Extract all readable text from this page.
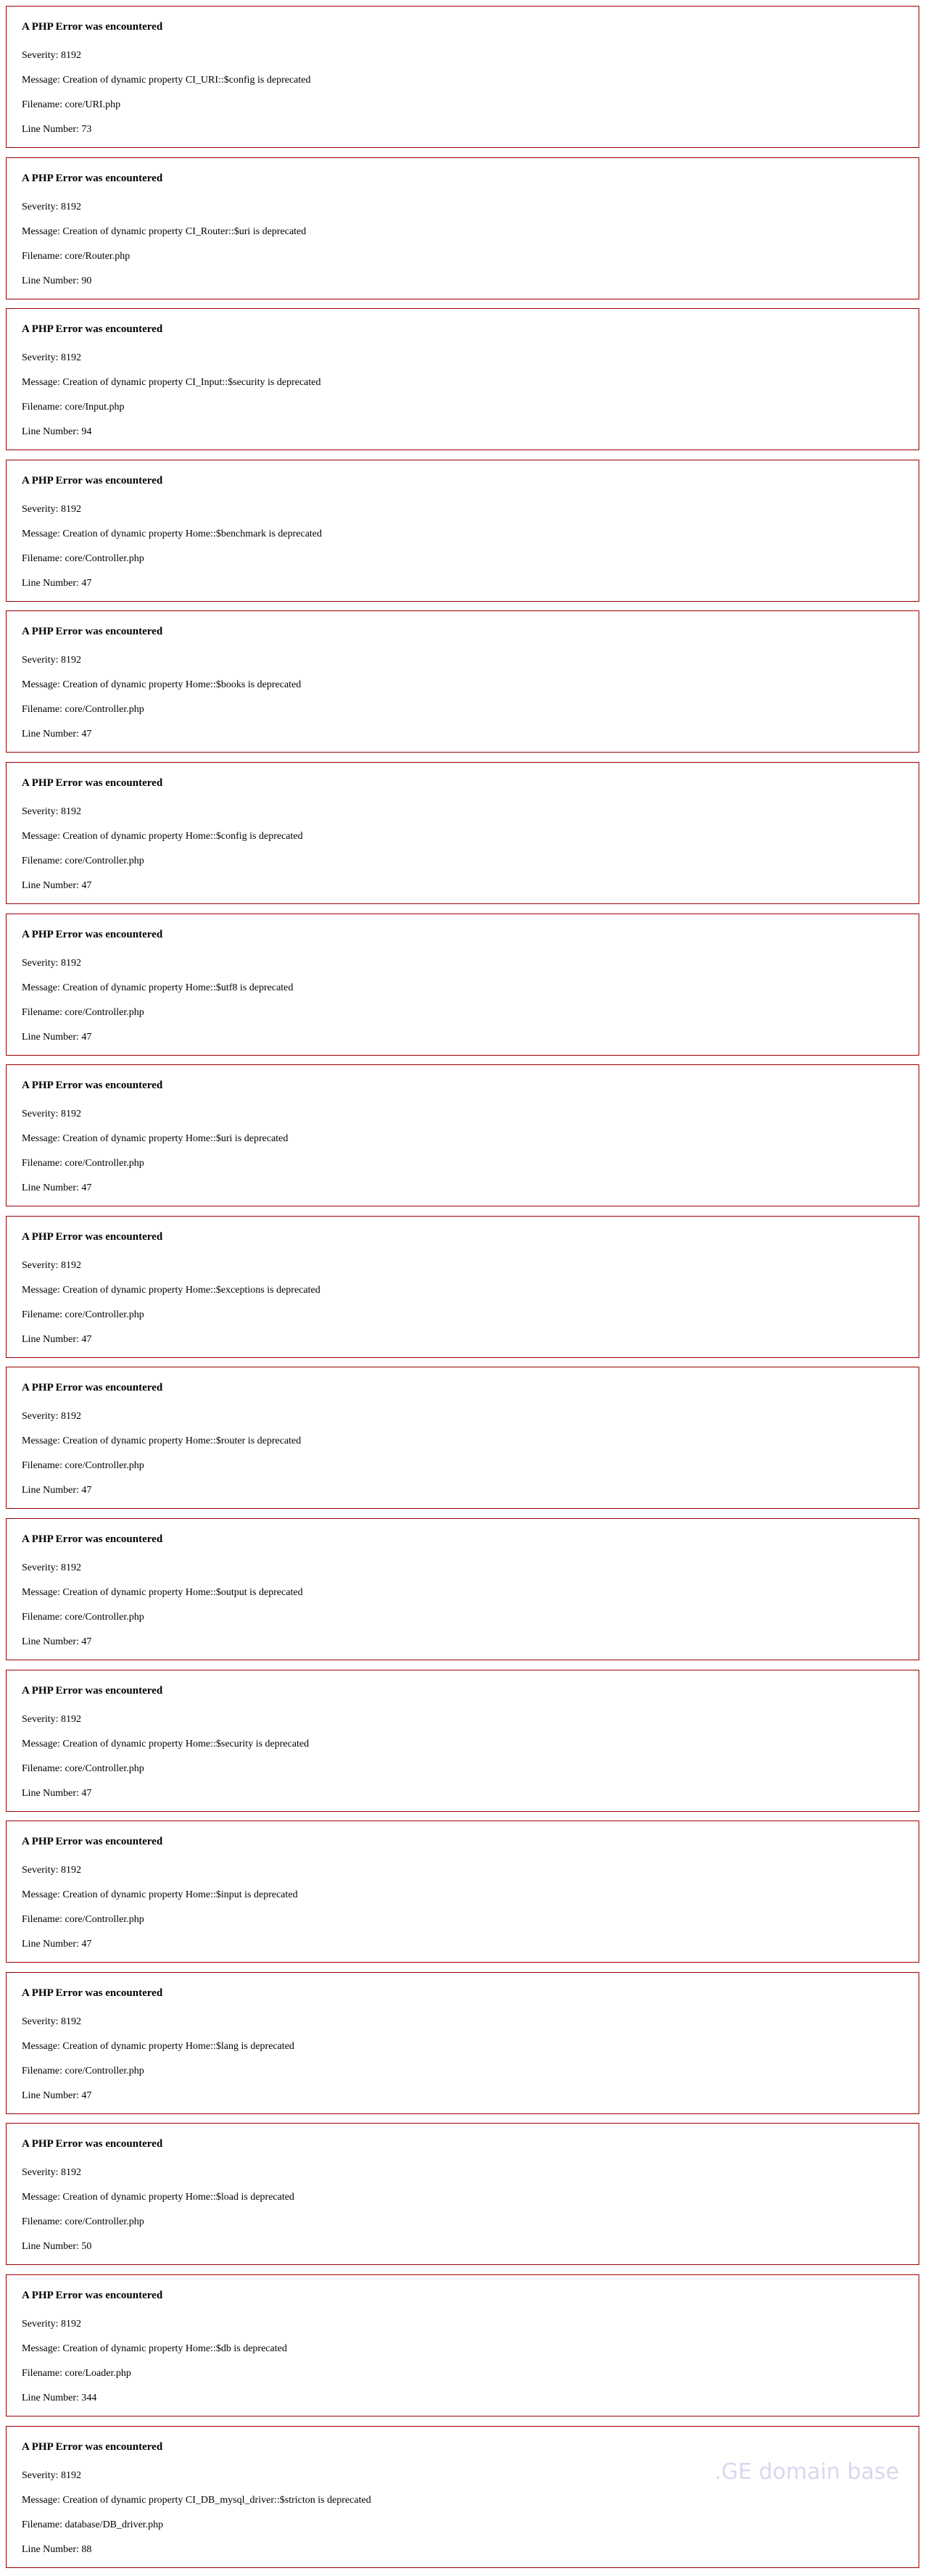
A PHP Error was encountered

Severity: 8192

Message: Creation of dynamic property CI_URI::$config is deprecated

Filename: core/URI.php

Line Number: 73

A PHP Error was encountered

Severity: 8192

Message: Creation of dynamic property CI_Router::$uri is deprecated

Filename: core/Router.php

Line Number: 90

A PHP Error was encountered

Severity: 8192

Message: Creation of dynamic property CI_Input::$security is deprecated

Filename: core/Input.php

Line Number: 94

A PHP Error was encountered

Severity: 8192

Message: Creation of dynamic property Home::$benchmark is deprecated

Filename: core/Controller.php

Line Number: 47

A PHP Error was encountered

Severity: 8192

Message: Creation of dynamic property Home::$books is deprecated

Filename: core/Controller.php

Line Number: 47

A PHP Error was encountered

Severity: 8192

Message: Creation of dynamic property Home::$config is deprecated

Filename: core/Controller.php

Line Number: 47

A PHP Error was encountered

Severity: 8192

Message: Creation of dynamic property Home::$utf8 is deprecated

Filename: core/Controller.php

Line Number: 47

A PHP Error was encountered

Severity: 8192

Message: Creation of dynamic property Home::$uri is deprecated

Filename: core/Controller.php

Line Number: 47

A PHP Error was encountered

Severity: 8192

Message: Creation of dynamic property Home::$exceptions is deprecated

Filename: core/Controller.php

Line Number: 47

A PHP Error was encountered

Severity: 8192

Message: Creation of dynamic property Home::$router is deprecated

Filename: core/Controller.php

Line Number: 47

A PHP Error was encountered

Severity: 8192

Message: Creation of dynamic property Home::$output is deprecated

Filename: core/Controller.php

Line Number: 47

A PHP Error was encountered

Severity: 8192

Message: Creation of dynamic property Home::$security is deprecated

Filename: core/Controller.php

Line Number: 47

A PHP Error was encountered

Severity: 8192

Message: Creation of dynamic property Home::$input is deprecated

Filename: core/Controller.php

Line Number: 47

A PHP Error was encountered

Severity: 8192

Message: Creation of dynamic property Home::$lang is deprecated

Filename: core/Controller.php

Line Number: 47

A PHP Error was encountered

Severity: 8192

Message: Creation of dynamic property Home::$load is deprecated

Filename: core/Controller.php

Line Number: 50

A PHP Error was encountered

Severity: 8192

Message: Creation of dynamic property Home::$db is deprecated

Filename: core/Loader.php

Line Number: 344

A PHP Error was encountered

Severity: 8192

Message: Creation of dynamic property CI_DB_mysql_driver::$stricton is deprecated

Filename: database/DB_driver.php

Line Number: 88

.GE domain base
